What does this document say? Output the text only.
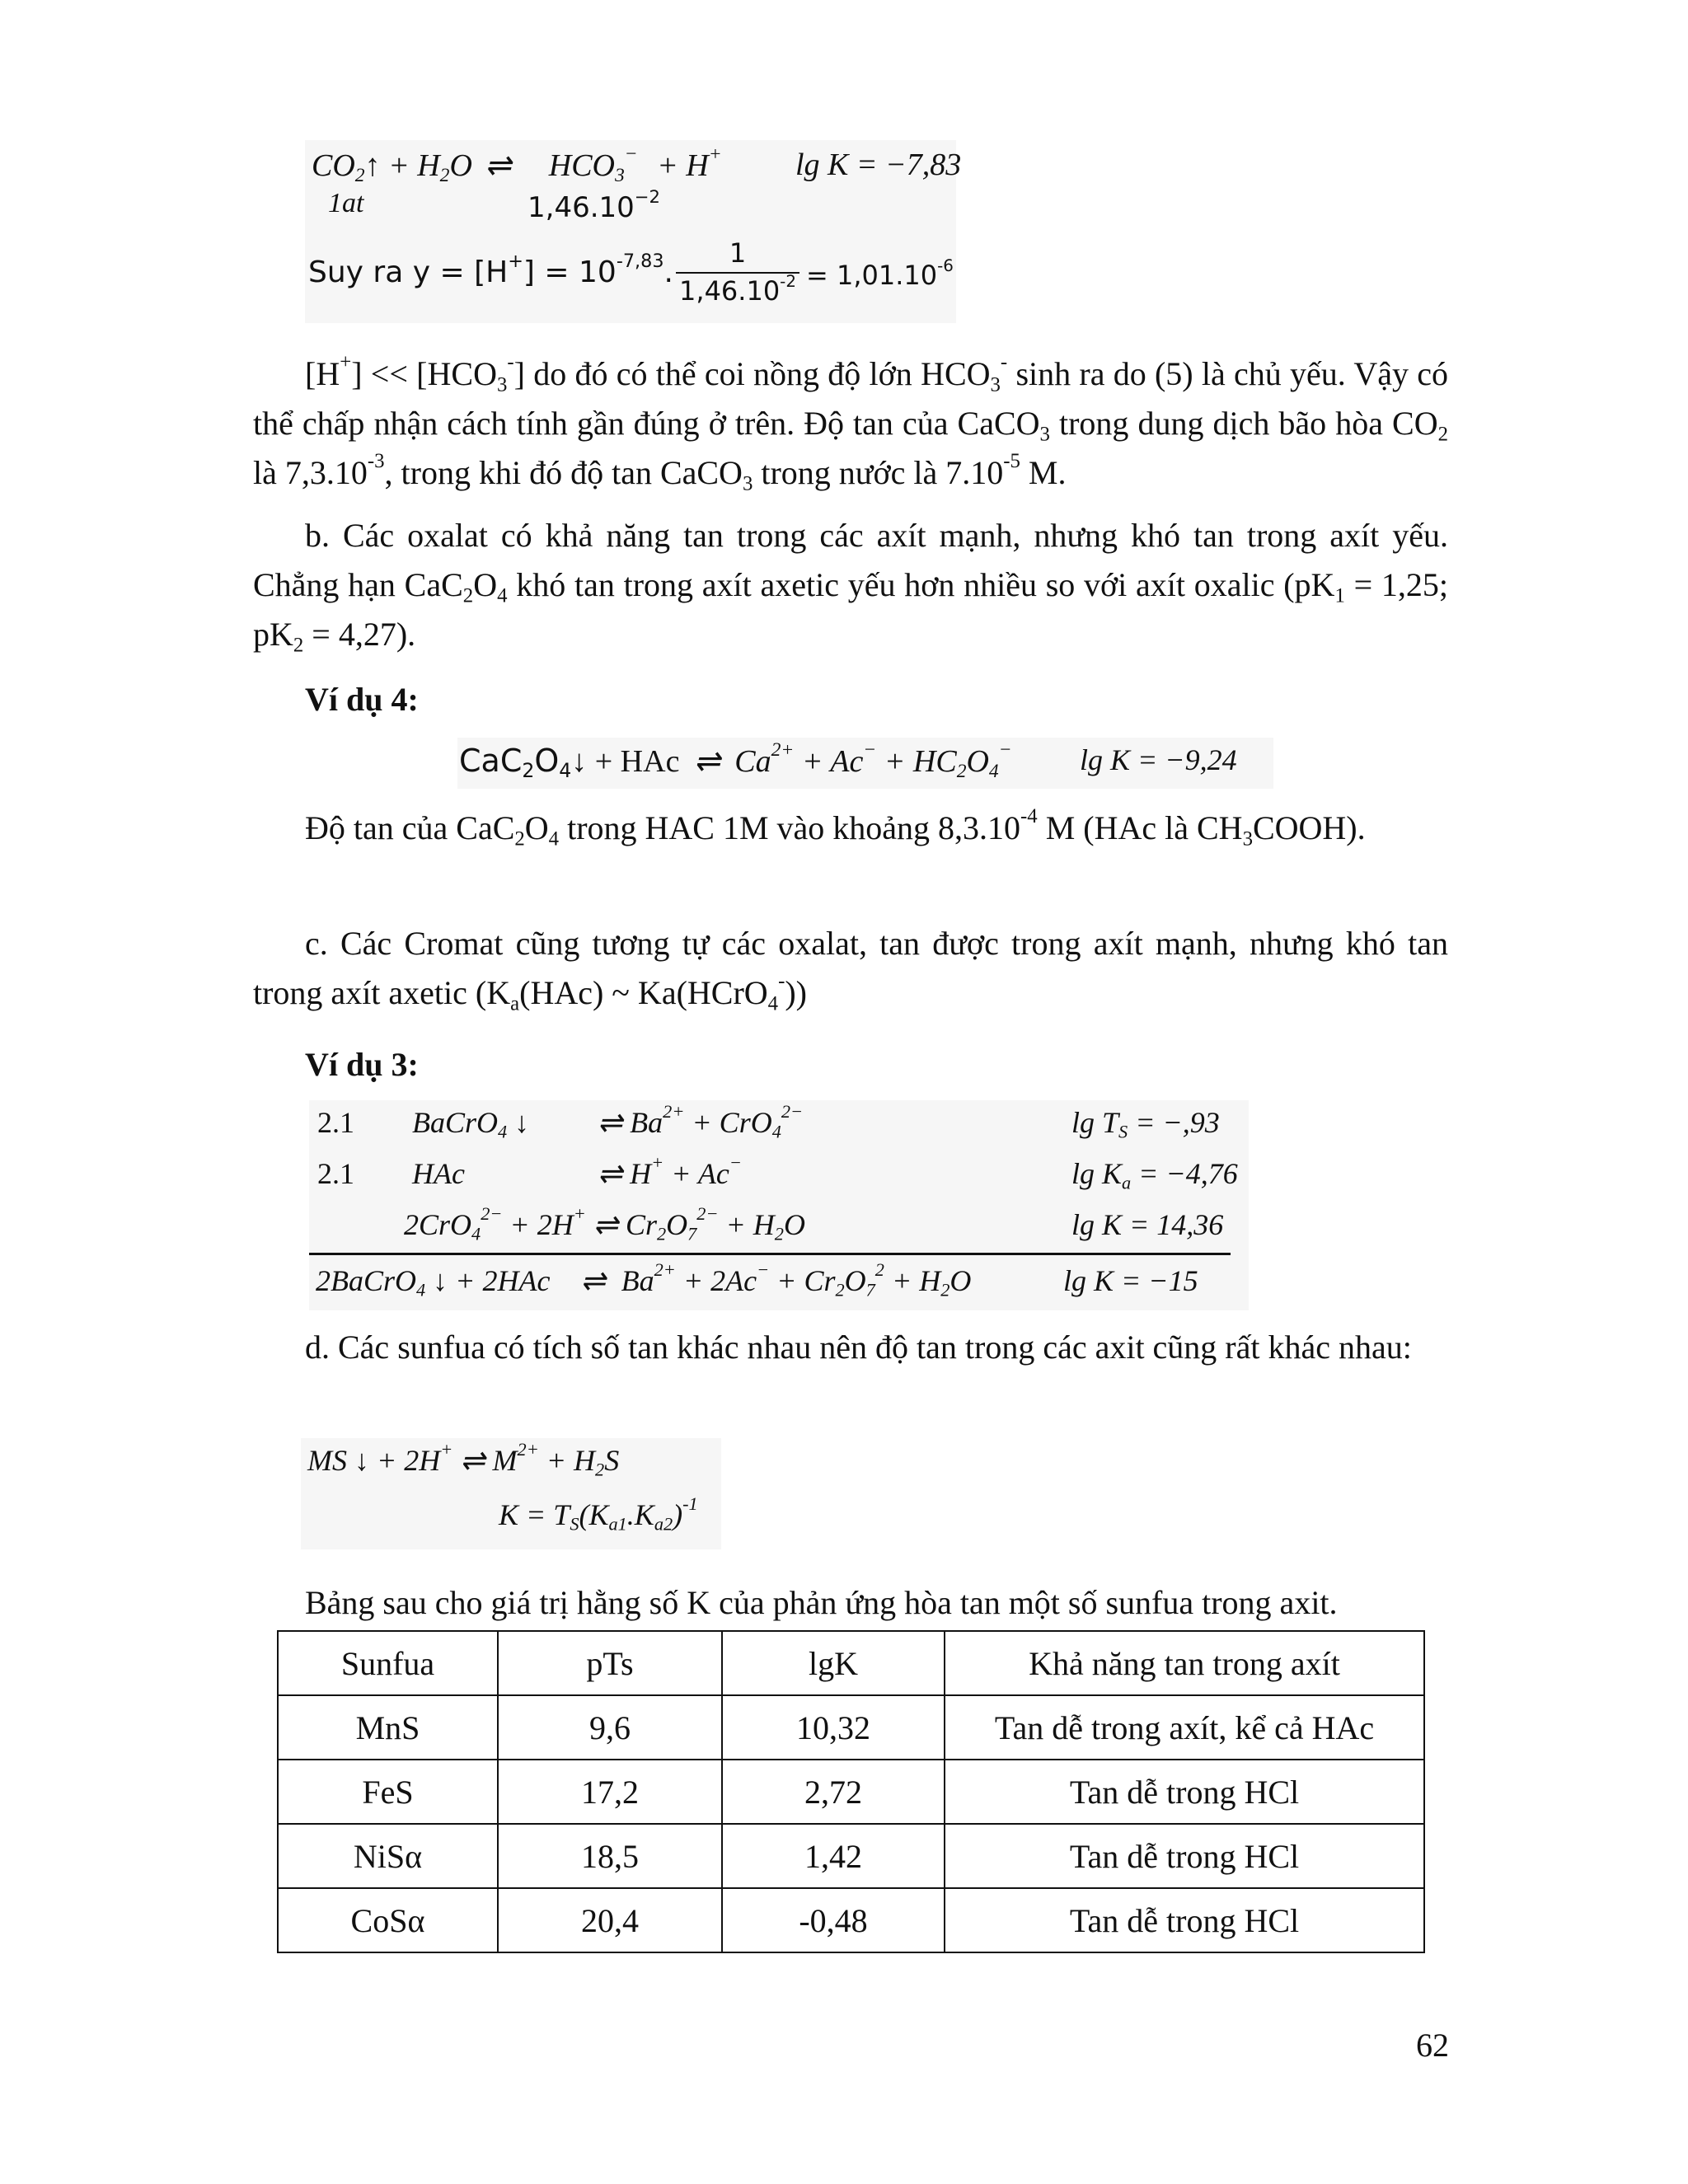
$CO_2↑ + H_2O$ ⇌ $HCO_3^- + H^+$ lg K = −7,83
1at	$1,46.10^{-2}$
Suy ra $y = [H^+] = 10^{-7,83}$.
1
$1,46.10^{-2} = 1,01.10^{-6}$
$[H^+] << [HCO_3^-]$ do đó có thể coi nồng độ lớn $HCO_3^-$ sinh ra do (5) là chủ yếu. Vậy có thể chấp nhận cách tính gần đúng ở trên. Độ tan của CaCO$_3$ trong dung dịch bão hòa $CO_2$ là $7,3.10^{-3}$, trong khi đó độ tan CaCO$_3$ trong nước là $7.10^{-5}$ M.
b. Các oxalat có khả năng tan trong các axít mạnh, nhưng khó tan trong axít yếu. Chẳng hạn $CaC_2O_4$ khó tan trong axít axetic yếu hơn nhiều so với axít oxalic ($pK_1 = 1,25$; $pK_2 = 4,27$).
Ví dụ 4:
$CaC_2O_4↓$ + HAc ⇌ $Ca^{2+} + Ac^- + HC_2O_4^-$ lg K = −9,24
Độ tan của $CaC_2O_4$ trong HAC 1M vào khoảng $8,3.10^{-4}$ M (HAc là $CH_3COOH$).
c. Các Cromat cũng tương tự các oxalat, tan được trong axít mạnh, nhưng khó tan trong axít axetic ($K_a(HAc)$ ~ Ka(HCrO$_4$-))
Ví dụ 3:
2.1 BaCrO$_4$ ↓ ⇌ $Ba^{2+} + CrO_4^{2-}$	$\lg T_S = -,93$
2.1 HAc	⇌ H+ + Ac−	$\lg K_a = -4,76$
2CrO$_4^{2-}$ + 2H+ ⇌ $Cr_2O_7^{2-} + H_2O$	lg K = 14,36
2BaCrO$_4$ ↓ + 2HAc ⇌ $Ba^{2+} + 2Ac^- + Cr_2O_7^2 + H_2O$	lg K = −15
d. Các sunfua có tích số tan khác nhau nên độ tan trong các axit cũng rất khác nhau:
MS ↓ + 2H+ ⇌ $M^{2+} + H_2S$
$K = T_S(K_{a1}.K_{a2})^{-1}$
Bảng sau cho giá trị hằng số K của phản ứng hòa tan một số sunfua trong axit.
Sunfua	pTs	lgK	Khả năng tan trong axít
MnS	9,6	10,32	Tan dễ trong axít, kể cả HAc
FeS	17,2	2,72	Tan dễ trong HCl
NiSα	18,5	1,42	Tan dễ trong HCl
CoSα	20,4	-0,48	Tan dễ trong HCl
62
